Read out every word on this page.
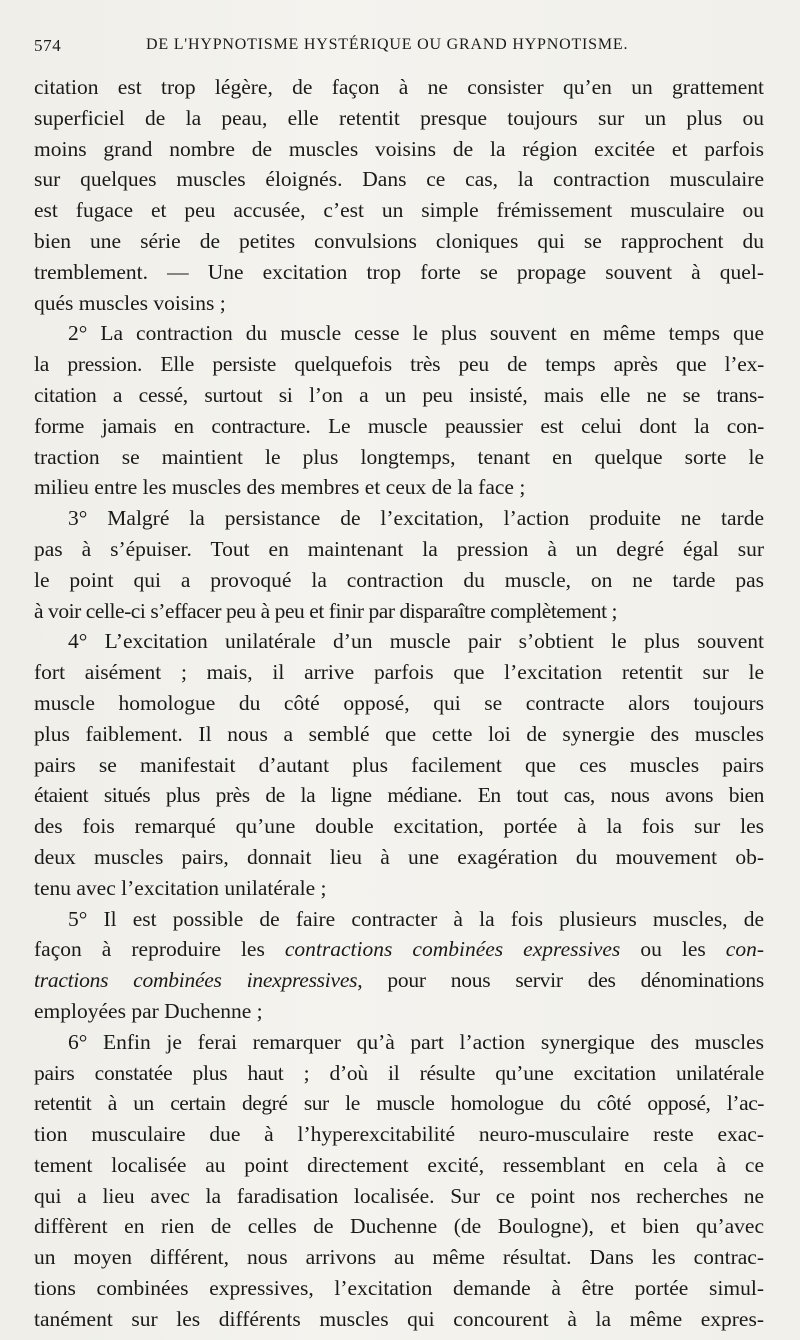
574	DE L'HYPNOTISME HYSTÉRIQUE OU GRAND HYPNOTISME.
citation est trop légère, de façon à ne consister qu’en un grattement
superficiel de la peau, elle retentit presque toujours sur un plus ou
moins grand nombre de muscles voisins de la région excitée et parfois
sur quelques muscles éloignés. Dans ce cas, la contraction musculaire
est fugace et peu accusée, c’est un simple frémissement musculaire ou
bien une série de petites convulsions cloniques qui se rapprochent du
tremblement. — Une excitation trop forte se propage souvent à quel-
qués muscles voisins ;
2° La contraction du muscle cesse le plus souvent en même temps que
la pression. Elle persiste quelquefois très peu de temps après que l’ex-
citation a cessé, surtout si l’on a un peu insisté, mais elle ne se trans-
forme jamais en contracture. Le muscle peaussier est celui dont la con-
traction se maintient le plus longtemps, tenant en quelque sorte le
milieu entre les muscles des membres et ceux de la face ;
3° Malgré la persistance de l’excitation, l’action produite ne tarde
pas à s’épuiser. Tout en maintenant la pression à un degré égal sur
le point qui a provoqué la contraction du muscle, on ne tarde pas
à voir celle-ci s’effacer peu à peu et finir par disparaître complètement ;
4° L’excitation unilatérale d’un muscle pair s’obtient le plus souvent
fort aisément ; mais, il arrive parfois que l’excitation retentit sur le
muscle homologue du côté opposé, qui se contracte alors toujours
plus faiblement. Il nous a semblé que cette loi de synergie des muscles
pairs se manifestait d’autant plus facilement que ces muscles pairs
étaient situés plus près de la ligne médiane. En tout cas, nous avons bien
des fois remarqué qu’une double excitation, portée à la fois sur les
deux muscles pairs, donnait lieu à une exagération du mouvement ob-
tenu avec l’excitation unilatérale ;
5° Il est possible de faire contracter à la fois plusieurs muscles, de
façon à reproduire les contractions combinées expressives ou les con-
tractions combinées inexpressives, pour nous servir des dénominations
employées par Duchenne ;
6° Enfin je ferai remarquer qu’à part l’action synergique des muscles
pairs constatée plus haut ; d’où il résulte qu’une excitation unilatérale
retentit à un certain degré sur le muscle homologue du côté opposé, l’ac-
tion musculaire due à l’hyperexcitabilité neuro-musculaire reste exac-
tement localisée au point directement excité, ressemblant en cela à ce
qui a lieu avec la faradisation localisée. Sur ce point nos recherches ne
diffèrent en rien de celles de Duchenne (de Boulogne), et bien qu’avec
un moyen différent, nous arrivons au même résultat. Dans les contrac-
tions combinées expressives, l’excitation demande à être portée simul-
tanément sur les différents muscles qui concourent à la même expres-
